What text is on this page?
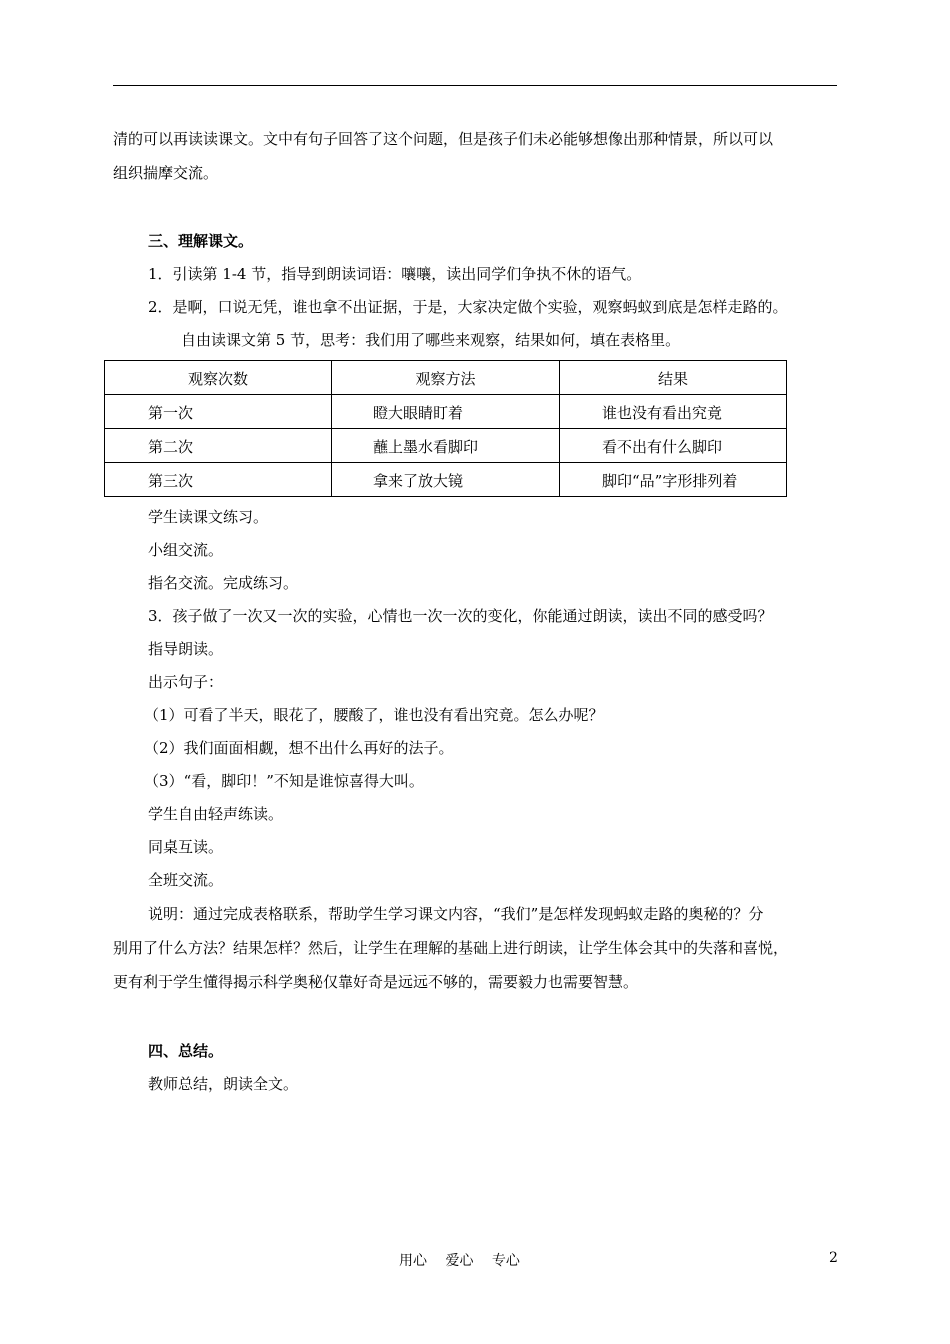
清的可以再读读课文。文中有句子回答了这个问题，但是孩子们未必能够想像出那种情景，所以可以
组织揣摩交流。
三、理解课文。
1．引读第 1-4 节，指导到朗读词语：嚷嚷，读出同学们争执不休的语气。
2．是啊，口说无凭，谁也拿不出证据，于是，大家决定做个实验，观察蚂蚁到底是怎样走路的。
自由读课文第 5 节，思考：我们用了哪些来观察，结果如何，填在表格里。
观察次数	观察方法	结果

第一次	瞪大眼睛盯着	谁也没有看出究竟

第二次	蘸上墨水看脚印	看不出有什么脚印

第三次	拿来了放大镜	脚印“品”字形排列着
学生读课文练习。
小组交流。
指名交流。完成练习。
3．孩子做了一次又一次的实验，心情也一次一次的变化，你能通过朗读，读出不同的感受吗？
指导朗读。
出示句子：
（1）可看了半天，眼花了，腰酸了，谁也没有看出究竟。怎么办呢？
（2）我们面面相觑，想不出什么再好的法子。
（3）“看，脚印！”不知是谁惊喜得大叫。
学生自由轻声练读。
同桌互读。
全班交流。
说明：通过完成表格联系，帮助学生学习课文内容，“我们”是怎样发现蚂蚁走路的奥秘的？分
别用了什么方法？结果怎样？然后，让学生在理解的基础上进行朗读，让学生体会其中的失落和喜悦，
更有利于学生懂得揭示科学奥秘仅靠好奇是远远不够的，需要毅力也需要智慧。
四、总结。
教师总结，朗读全文。
用心　 爱心　 专心	2
